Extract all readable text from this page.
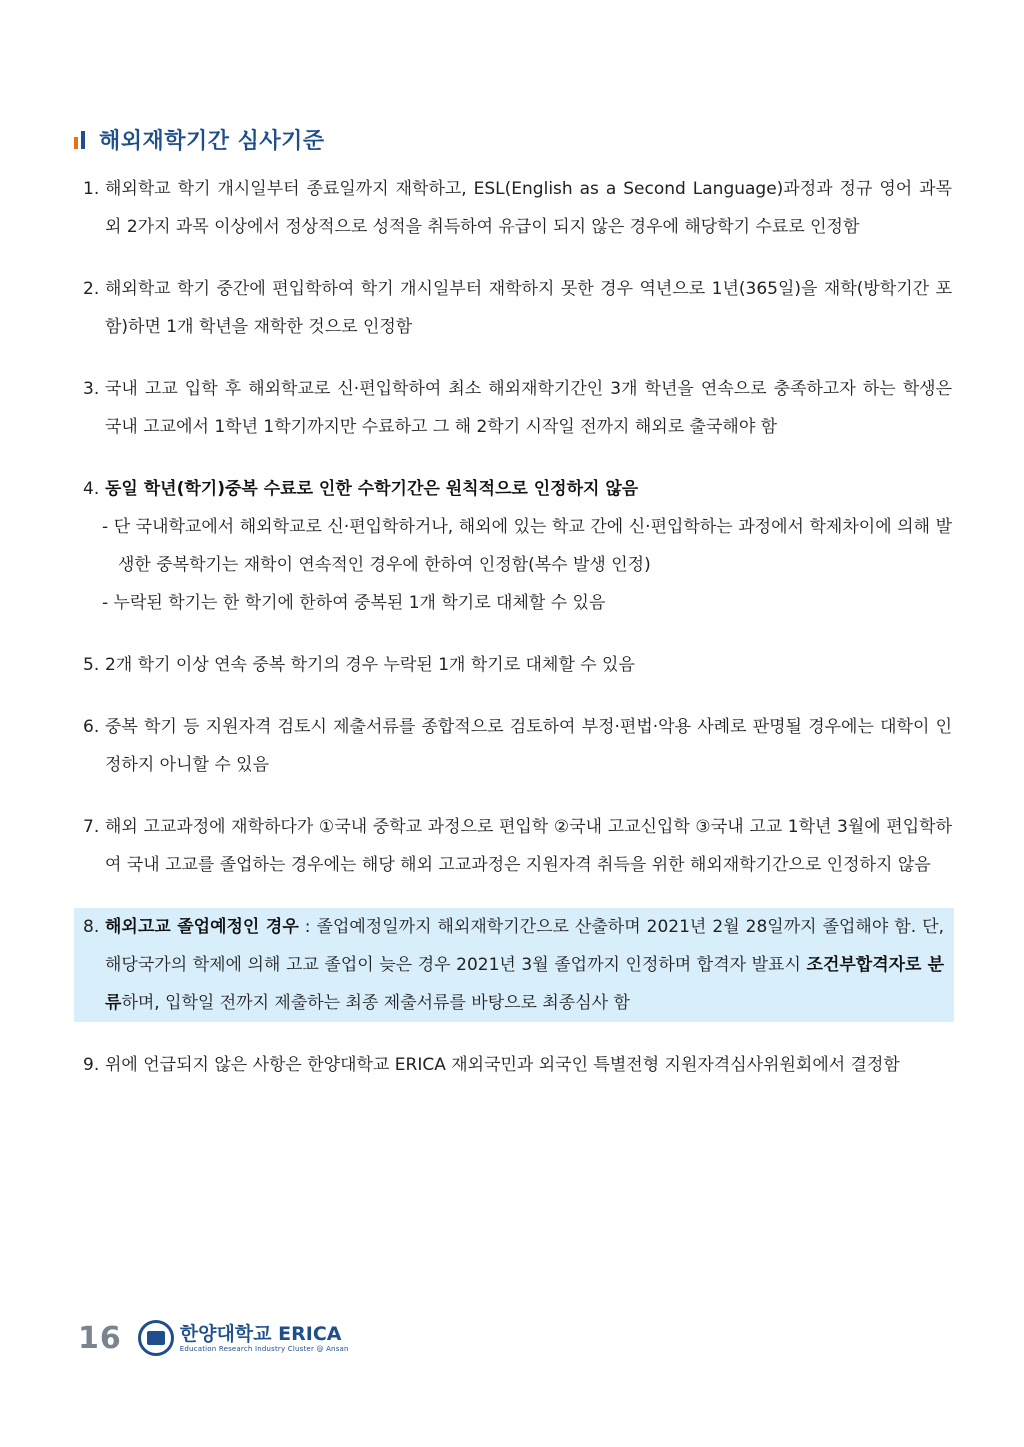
해외재학기간 심사기준
1. 해외학교 학기 개시일부터 종료일까지 재학하고, ESL(English as a Second Language)과정과 정규 영어 과목 외 2가지 과목 이상에서 정상적으로 성적을 취득하여 유급이 되지 않은 경우에 해당학기 수료로 인정함
2. 해외학교 학기 중간에 편입학하여 학기 개시일부터 재학하지 못한 경우 역년으로 1년(365일)을 재학(방학기간 포함)하면 1개 학년을 재학한 것으로 인정함
3. 국내 고교 입학 후 해외학교로 신·편입학하여 최소 해외재학기간인 3개 학년을 연속으로 충족하고자 하는 학생은 국내 고교에서 1학년 1학기까지만 수료하고 그 해 2학기 시작일 전까지 해외로 출국해야 함
4. 동일 학년(학기)중복 수료로 인한 수학기간은 원칙적으로 인정하지 않음
- 단 국내학교에서 해외학교로 신·편입학하거나, 해외에 있는 학교 간에 신·편입학하는 과정에서 학제차이에 의해 발생한 중복학기는 재학이 연속적인 경우에 한하여 인정함(복수 발생 인정)
- 누락된 학기는 한 학기에 한하여 중복된 1개 학기로 대체할 수 있음
5. 2개 학기 이상 연속 중복 학기의 경우 누락된 1개 학기로 대체할 수 있음
6. 중복 학기 등 지원자격 검토시 제출서류를 종합적으로 검토하여 부정·편법·악용 사례로 판명될 경우에는 대학이 인정하지 아니할 수 있음
7. 해외 고교과정에 재학하다가 ①국내 중학교 과정으로 편입학 ②국내 고교신입학 ③국내 고교 1학년 3월에 편입학하여 국내 고교를 졸업하는 경우에는 해당 해외 고교과정은 지원자격 취득을 위한 해외재학기간으로 인정하지 않음
8. 해외고교 졸업예정인 경우 : 졸업예정일까지 해외재학기간으로 산출하며 2021년 2월 28일까지 졸업해야 함. 단, 해당국가의 학제에 의해 고교 졸업이 늦은 경우 2021년 3월 졸업까지 인정하며 합격자 발표시 조건부합격자로 분류하며, 입학일 전까지 제출하는 최종 제출서류를 바탕으로 최종심사 함
9. 위에 언급되지 않은 사항은 한양대학교 ERICA 재외국민과 외국인 특별전형 지원자격심사위원회에서 결정함
16	한양대학교 ERICA
Education Research Industry Cluster @ Ansan
